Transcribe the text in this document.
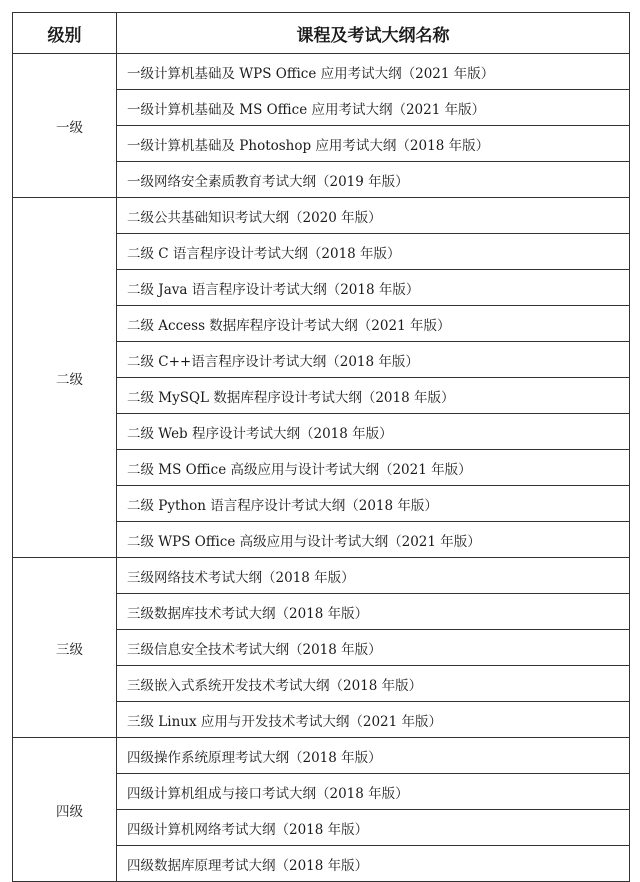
级别	课程及考试大纲名称
一级	一级计算机基础及 WPS Office 应用考试大纲（2021 年版）
	一级计算机基础及 MS Office 应用考试大纲（2021 年版）
	一级计算机基础及 Photoshop 应用考试大纲（2018 年版）
	一级网络安全素质教育考试大纲（2019 年版）
二级	二级公共基础知识考试大纲（2020 年版）
	二级 C 语言程序设计考试大纲（2018 年版）
	二级 Java 语言程序设计考试大纲（2018 年版）
	二级 Access 数据库程序设计考试大纲（2021 年版）
	二级 C++语言程序设计考试大纲（2018 年版）
	二级 MySQL 数据库程序设计考试大纲（2018 年版）
	二级 Web 程序设计考试大纲（2018 年版）
	二级 MS Office 高级应用与设计考试大纲（2021 年版）
	二级 Python 语言程序设计考试大纲（2018 年版）
	二级 WPS Office 高级应用与设计考试大纲（2021 年版）
三级	三级网络技术考试大纲（2018 年版）
	三级数据库技术考试大纲（2018 年版）
	三级信息安全技术考试大纲（2018 年版）
	三级嵌入式系统开发技术考试大纲（2018 年版）
	三级 Linux 应用与开发技术考试大纲（2021 年版）
四级	四级操作系统原理考试大纲（2018 年版）
	四级计算机组成与接口考试大纲（2018 年版）
	四级计算机网络考试大纲（2018 年版）
	四级数据库原理考试大纲（2018 年版）
